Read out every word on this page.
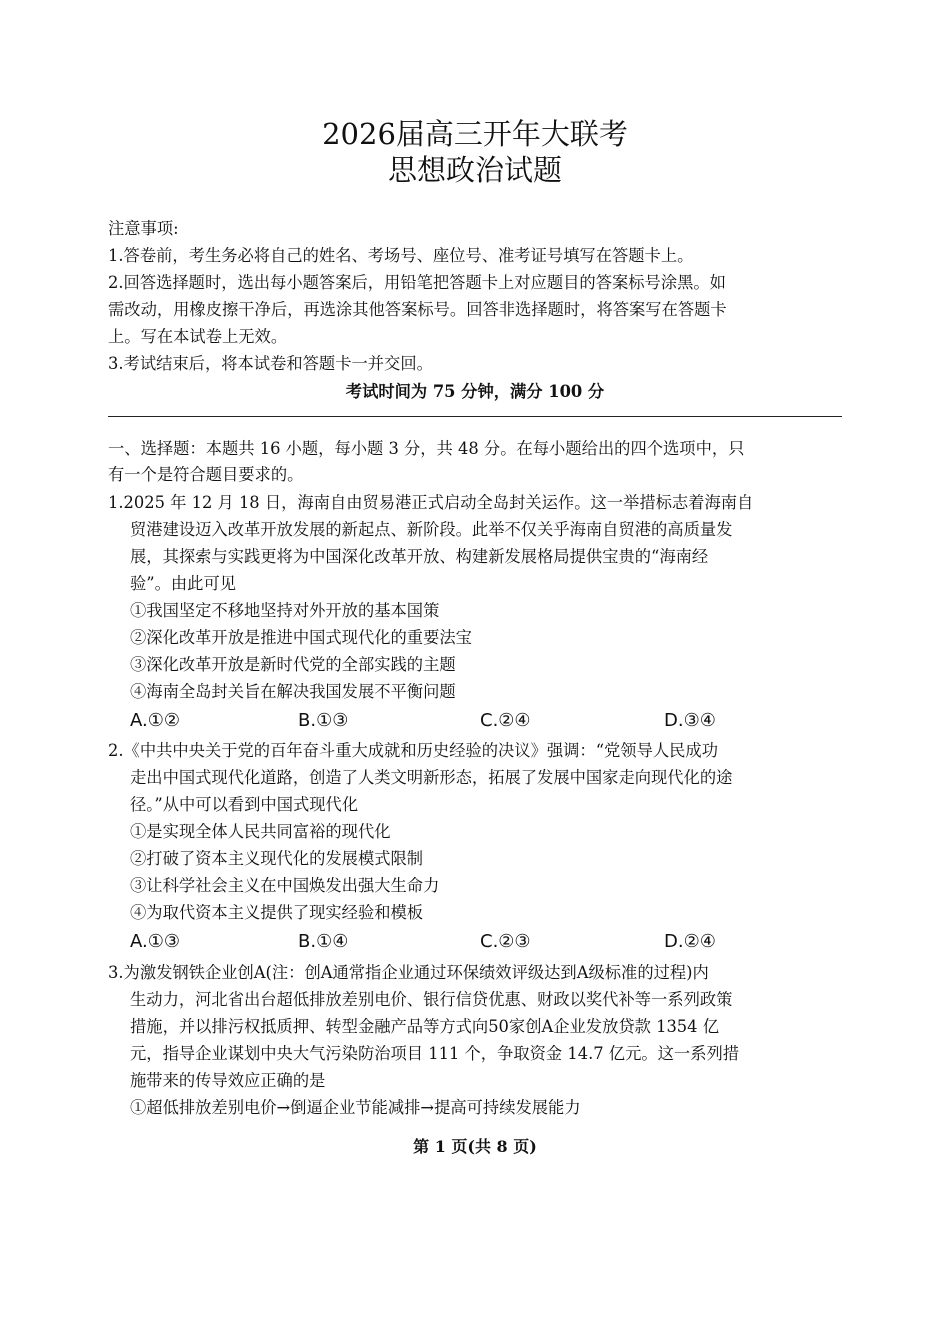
2026届高三开年大联考
思想政治试题
注意事项:
1.答卷前，考生务必将自己的姓名、考场号、座位号、准考证号填写在答题卡上。
2.回答选择题时，选出每小题答案后，用铅笔把答题卡上对应题目的答案标号涂黑。如
需改动，用橡皮擦干净后，再选涂其他答案标号。回答非选择题时，将答案写在答题卡
上。写在本试卷上无效。
3.考试结束后，将本试卷和答题卡一并交回。
考试时间为 75 分钟，满分 100 分
一、选择题：本题共 16 小题，每小题 3 分，共 48 分。在每小题给出的四个选项中，只
有一个是符合题目要求的。
1.2025 年 12 月 18 日，海南自由贸易港正式启动全岛封关运作。这一举措标志着海南自
贸港建设迈入改革开放发展的新起点、新阶段。此举不仅关乎海南自贸港的高质量发
展，其探索与实践更将为中国深化改革开放、构建新发展格局提供宝贵的“海南经
验”。由此可见
①我国坚定不移地坚持对外开放的基本国策
②深化改革开放是推进中国式现代化的重要法宝
③深化改革开放是新时代党的全部实践的主题
④海南全岛封关旨在解决我国发展不平衡问题
A.①②	B.①③	C.②④	D.③④
2.《中共中央关于党的百年奋斗重大成就和历史经验的决议》强调：“党领导人民成功
走出中国式现代化道路，创造了人类文明新形态，拓展了发展中国家走向现代化的途
径。”从中可以看到中国式现代化
①是实现全体人民共同富裕的现代化
②打破了资本主义现代化的发展模式限制
③让科学社会主义在中国焕发出强大生命力
④为取代资本主义提供了现实经验和模板
A.①③	B.①④	C.②③	D.②④
3.为激发钢铁企业创A(注：创A通常指企业通过环保绩效评级达到A级标准的过程)内
生动力，河北省出台超低排放差别电价、银行信贷优惠、财政以奖代补等一系列政策
措施，并以排污权抵质押、转型金融产品等方式向50家创A企业发放贷款 1354 亿
元，指导企业谋划中央大气污染防治项目 111 个，争取资金 14.7 亿元。这一系列措
施带来的传导效应正确的是
①超低排放差别电价→倒逼企业节能减排→提高可持续发展能力
第 1 页(共 8 页)
